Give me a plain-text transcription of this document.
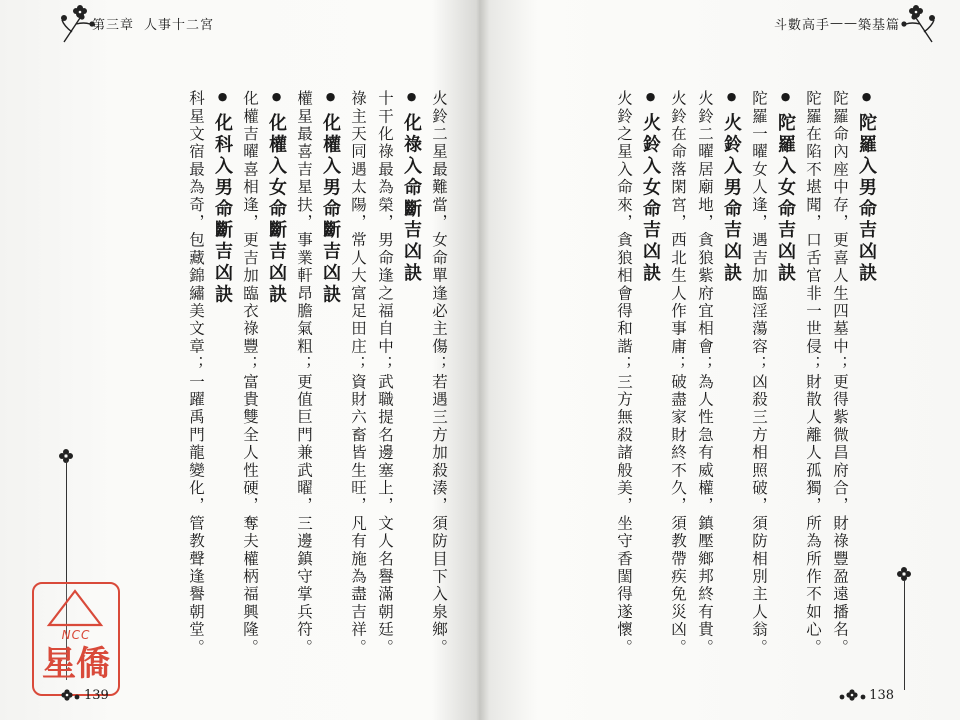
第三章 人事十二宮
火鈴二星最難當，女命單逢必主傷；若遇三方加殺湊，須防目下入泉鄉。
● 化祿入命斷吉凶訣
十干化祿最為榮，男命逢之福自中；武職提名邊塞上，文人名譽滿朝廷。
祿主天同遇太陽，常人大富足田庄；資財六畜皆生旺，凡有施為盡吉祥。
● 化權入男命斷吉凶訣
權星最喜吉星扶，事業軒昂膽氣粗；更值巨門兼武曜，三邊鎮守掌兵符。
● 化權入女命斷吉凶訣
化權吉曜喜相逢，更吉加臨衣祿豐；富貴雙全人性硬，奪夫權柄福興隆。
● 化科入男命斷吉凶訣
科星文宿最為奇，包藏錦繡美文章；一躍禹門龍變化，管教聲逢譽朝堂。
NCC
星僑
139
斗數高手 —— 築基篇
● 陀羅入男命吉凶訣
陀羅命內座中存，更喜人生四墓中；更得紫微昌府合，財祿豐盈遠播名。
陀羅在陷不堪聞，口舌官非一世侵；財散人離人孤獨，所為所作不如心。
● 陀羅入女命吉凶訣
陀羅一曜女人逢，遇吉加臨淫蕩容；凶殺三方相照破，須防相別主人翁。
● 火鈴入男命吉凶訣
火鈴二曜居廟地，貪狼紫府宜相會；為人性急有威權，鎮壓鄉邦終有貴。
火鈴在命落閑宮，西北生人作事庸；破盡家財終不久，須教帶疾免災凶。
● 火鈴入女命吉凶訣
火鈴之星入命來，貪狼相會得和諧；三方無殺諸般美，坐守香閨得遂懷。
138
